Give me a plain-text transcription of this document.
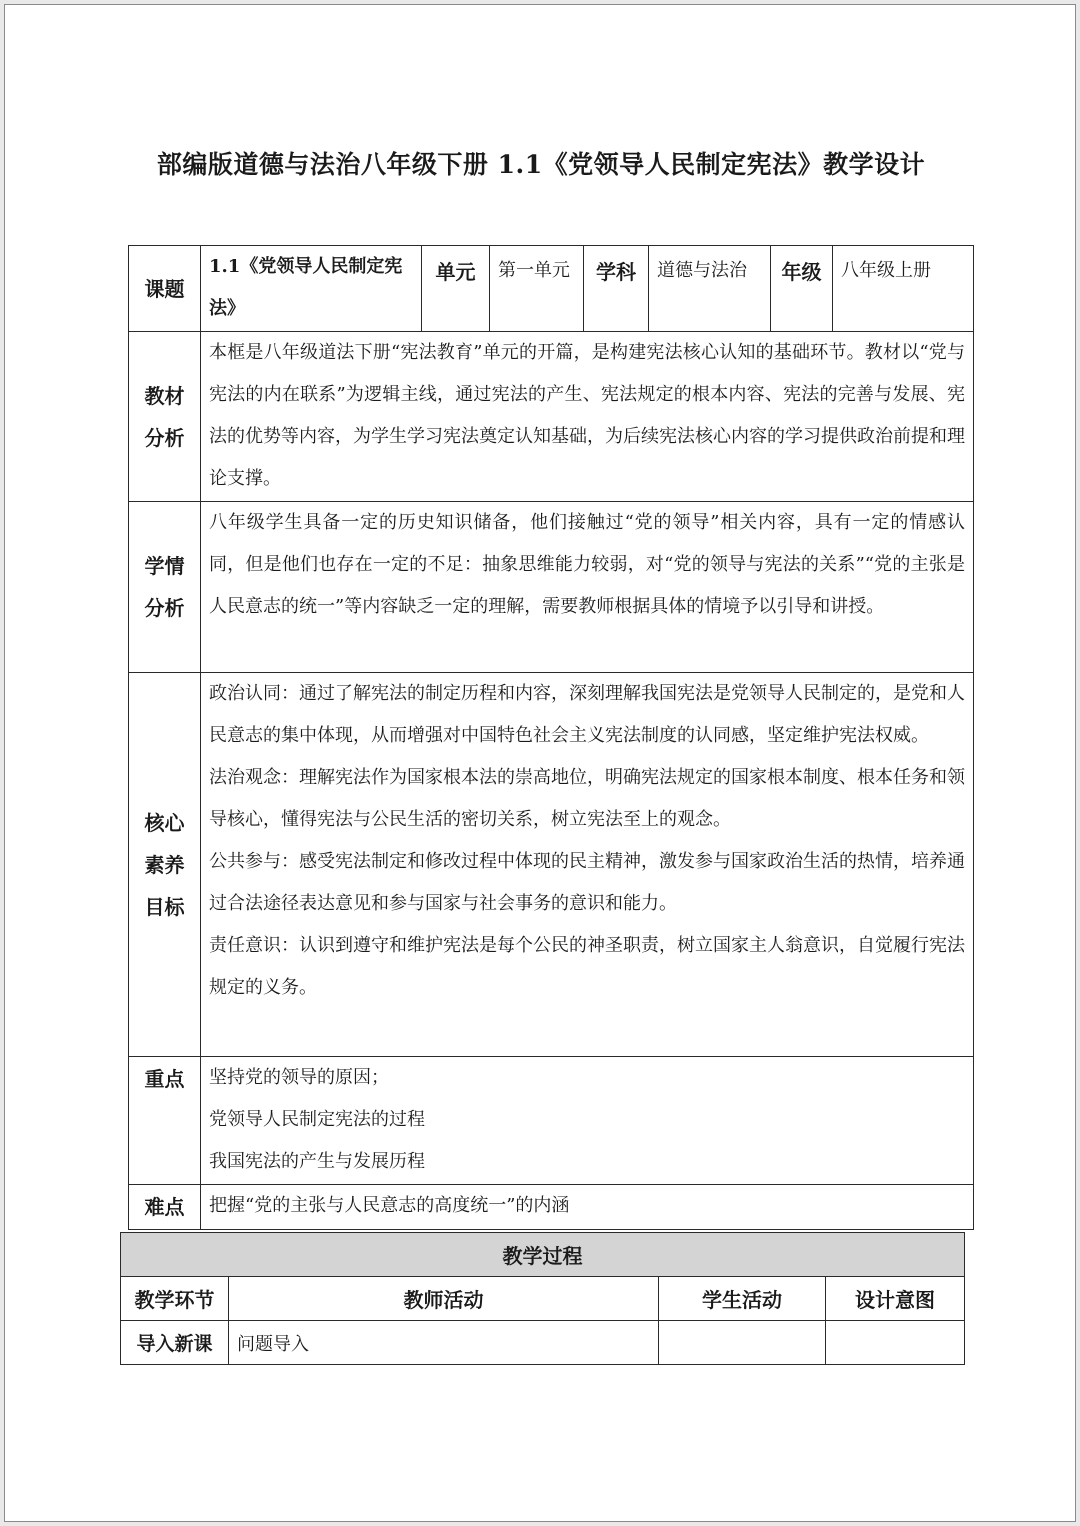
部编版道德与法治八年级下册 1.1《党领导人民制定宪法》教学设计
课题	1.1《党领导人民制定宪法》	单元	第一单元	学科	道德与法治	年级	八年级上册
教材分析	本框是八年级道法下册“宪法教育”单元的开篇，是构建宪法核心认知的基础环节。教材以“党与宪法的内在联系”为逻辑主线，通过宪法的产生、宪法规定的根本内容、宪法的完善与发展、宪法的优势等内容，为学生学习宪法奠定认知基础，为后续宪法核心内容的学习提供政治前提和理论支撑。						

学情分析	八年级学生具备一定的历史知识储备，他们接触过“党的领导”相关内容，具有一定的情感认同，但是他们也存在一定的不足：抽象思维能力较弱，对“党的领导与宪法的关系”“党的主张是人民意志的统一”等内容缺乏一定的理解，需要教师根据具体的情境予以引导和讲授。						

核心素养目标	政治认同：通过了解宪法的制定历程和内容，深刻理解我国宪法是党领导人民制定的，是党和人民意志的集中体现，从而增强对中国特色社会主义宪法制度的认同感，坚定维护宪法权威。

法治观念：理解宪法作为国家根本法的崇高地位，明确宪法规定的国家根本制度、根本任务和领导核心，懂得宪法与公民生活的密切关系，树立宪法至上的观念。

公共参与：感受宪法制定和修改过程中体现的民主精神，激发参与国家政治生活的热情，培养通过合法途径表达意见和参与国家与社会事务的意识和能力。

责任意识：认识到遵守和维护宪法是每个公民的神圣职责，树立国家主人翁意识，自觉履行宪法规定的义务。						

重点	坚持党的领导的原因；

党领导人民制定宪法的过程

我国宪法的产生与发展历程						

难点	把握“党的主张与人民意志的高度统一”的内涵						

教学过程			
教学环节	教师活动	学生活动	设计意图
导入新课	问题导入		
